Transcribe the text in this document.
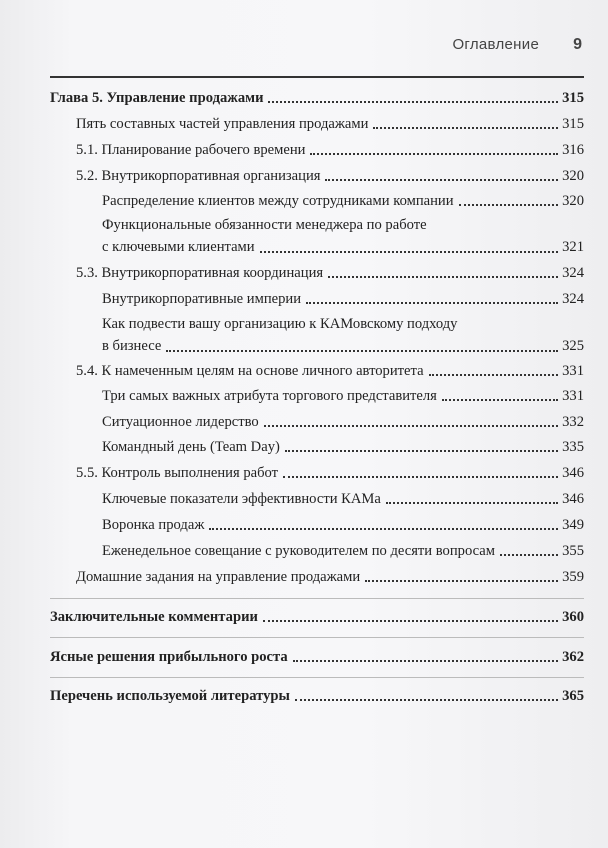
Оглавление 9
Глава 5. Управление продажами	315
Пять составных частей управления продажами	315
5.1. Планирование рабочего времени	316
5.2. Внутрикорпоративная организация	320
Распределение клиентов между сотрудниками компании	320
Функциональные обязанности менеджера по работе
с ключевыми клиентами	321
5.3. Внутрикорпоративная координация	324
Внутрикорпоративные империи	324
Как подвести вашу организацию к КАМовскому подходу
в бизнесе	325
5.4. К намеченным целям на основе личного авторитета	331
Три самых важных атрибута торгового представителя	331
Ситуационное лидерство	332
Командный день (Team Day)	335
5.5. Контроль выполнения работ	346
Ключевые показатели эффективности КАМа	346
Воронка продаж	349
Еженедельное совещание с руководителем по десяти вопросам	355
Домашние задания на управление продажами	359
Заключительные комментарии	360
Ясные решения прибыльного роста	362
Перечень используемой литературы	365
